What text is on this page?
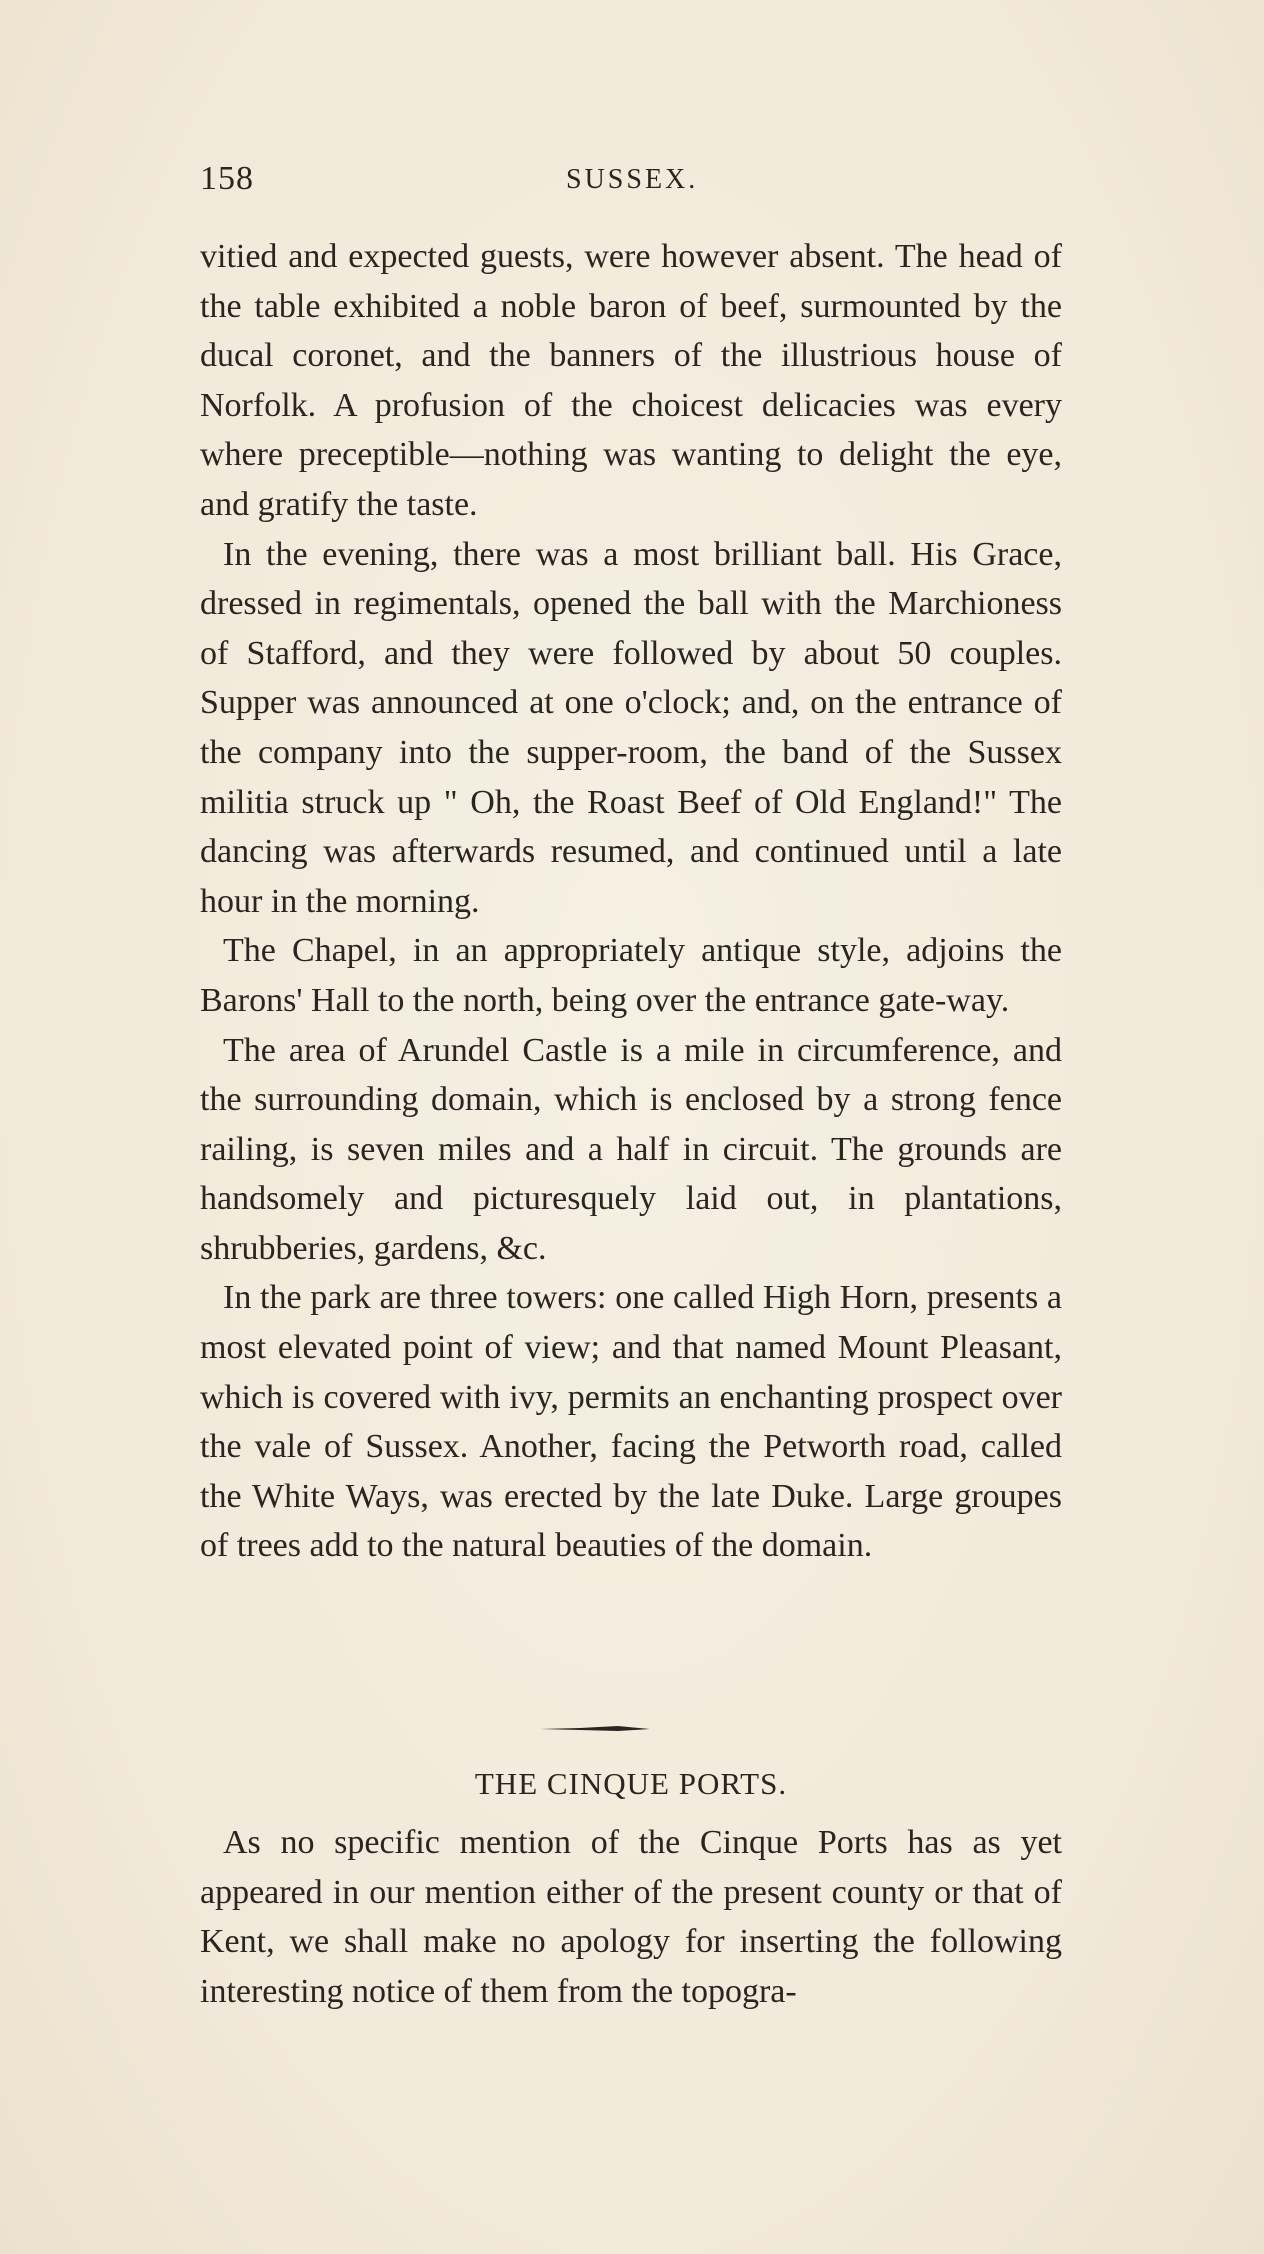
158	SUSSEX.

vitied and expected guests, were however absent. The head of the table exhibited a noble baron of beef, surmounted by the ducal coronet, and the banners of the illustrious house of Norfolk. A profusion of the choicest delicacies was every where preceptible—nothing was wanting to delight the eye, and gratify the taste.

In the evening, there was a most brilliant ball. His Grace, dressed in regimentals, opened the ball with the Marchioness of Stafford, and they were followed by about 50 couples. Supper was announced at one o'clock; and, on the entrance of the company into the supper-room, the band of the Sussex militia struck up " Oh, the Roast Beef of Old England!" The dancing was afterwards resumed, and continued until a late hour in the morning.

The Chapel, in an appropriately antique style, adjoins the Barons' Hall to the north, being over the entrance gate-way.

The area of Arundel Castle is a mile in circumference, and the surrounding domain, which is enclosed by a strong fence railing, is seven miles and a half in circuit. The grounds are handsomely and picturesquely laid out, in plantations, shrubberies, gardens, &c.

In the park are three towers: one called High Horn, presents a most elevated point of view; and that named Mount Pleasant, which is covered with ivy, permits an enchanting prospect over the vale of Sussex. Another, facing the Petworth road, called the White Ways, was erected by the late Duke. Large groupes of trees add to the natural beauties of the domain.

THE CINQUE PORTS.

As no specific mention of the Cinque Ports has as yet appeared in our mention either of the present county or that of Kent, we shall make no apology for inserting the following interesting notice of them from the topogra-
